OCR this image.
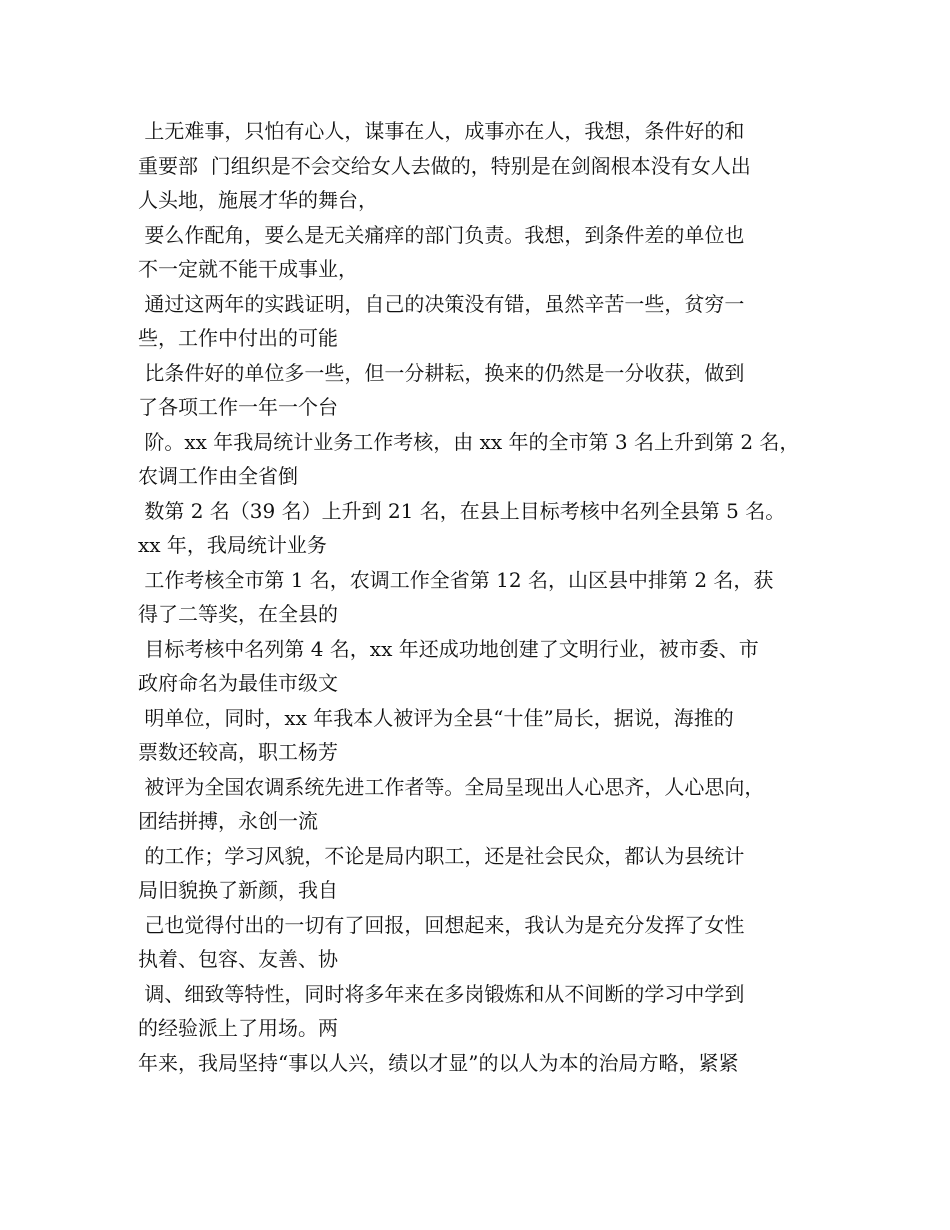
上无难事，只怕有心人，谋事在人，成事亦在人，我想，条件好的和
重要部  门组织是不会交给女人去做的，特别是在剑阁根本没有女人出
人头地，施展才华的舞台，
要么作配角，要么是无关痛痒的部门负责。我想，到条件差的单位也
不一定就不能干成事业，
通过这两年的实践证明，自己的决策没有错，虽然辛苦一些，贫穷一
些，工作中付出的可能
比条件好的单位多一些，但一分耕耘，换来的仍然是一分收获，做到
了各项工作一年一个台
阶。xx 年我局统计业务工作考核，由 xx 年的全市第 3 名上升到第 2 名，
农调工作由全省倒
数第 2 名（39 名）上升到 21 名，在县上目标考核中名列全县第 5 名。
xx 年，我局统计业务
工作考核全市第 1 名，农调工作全省第 12 名，山区县中排第 2 名，获
得了二等奖，在全县的
目标考核中名列第 4 名，xx 年还成功地创建了文明行业，被市委、市
政府命名为最佳市级文
明单位，同时，xx 年我本人被评为全县“十佳”局长，据说，海推的
票数还较高，职工杨芳
被评为全国农调系统先进工作者等。全局呈现出人心思齐，人心思向，
团结拼搏，永创一流
的工作；学习风貌，不论是局内职工，还是社会民众，都认为县统计
局旧貌换了新颜，我自
己也觉得付出的一切有了回报，回想起来，我认为是充分发挥了女性
执着、包容、友善、协
调、细致等特性，同时将多年来在多岗锻炼和从不间断的学习中学到
的经验派上了用场。两
年来，我局坚持“事以人兴，绩以才显”的以人为本的治局方略，紧紧
